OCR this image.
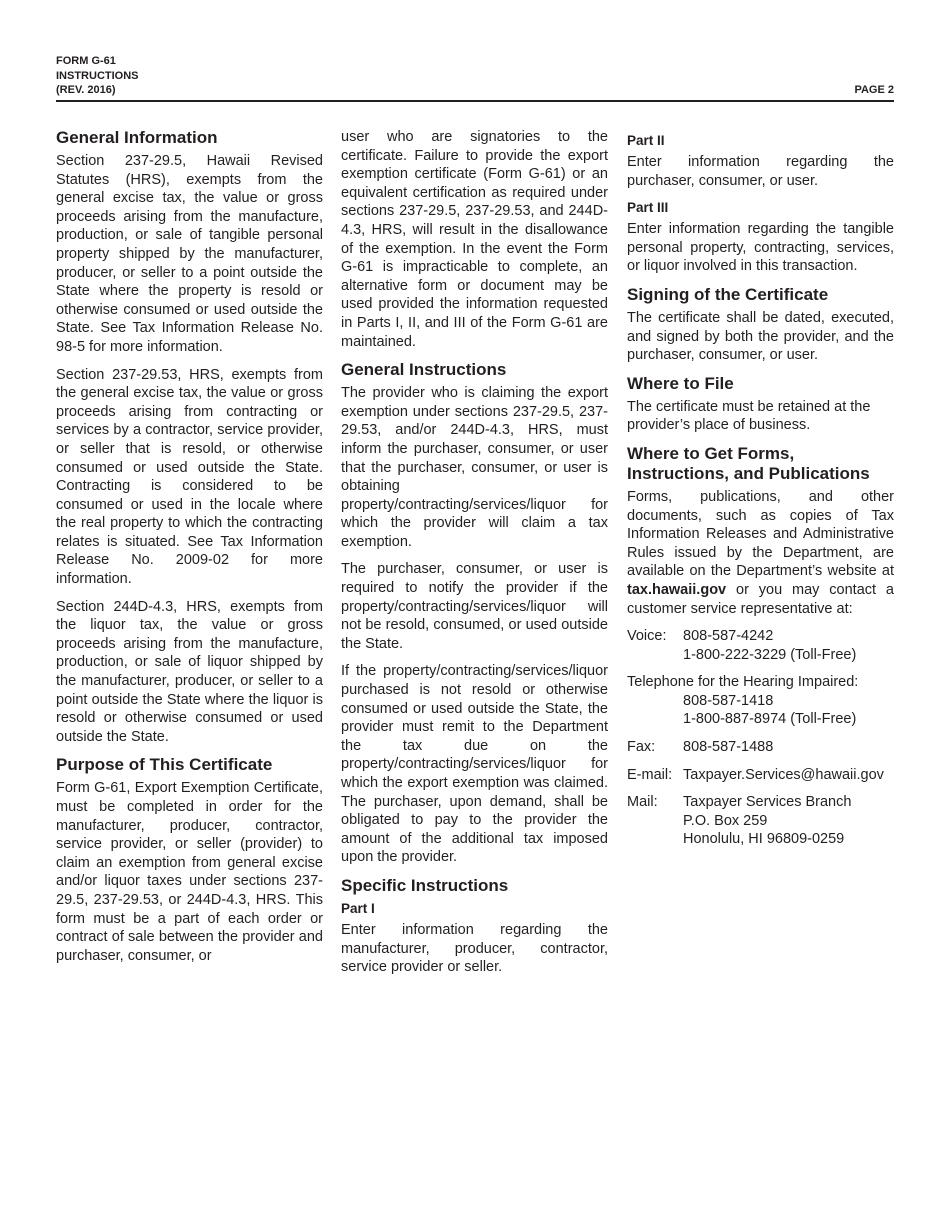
FORM G-61
INSTRUCTIONS
(REV. 2016)	PAGE 2
General Information

Section 237-29.5, Hawaii Revised Statutes (HRS), exempts from the general excise tax, the value or gross proceeds arising from the manufacture, production, or sale of tangible personal property shipped by the manufacturer, producer, or seller to a point outside the State where the property is resold or otherwise consumed or used outside the State. See Tax Information Release No. 98-5 for more information.

Section 237-29.53, HRS, exempts from the general excise tax, the value or gross proceeds arising from contracting or services by a contractor, service provider, or seller that is resold, or otherwise consumed or used outside the State. Contracting is considered to be consumed or used in the locale where the real property to which the contracting relates is situated. See Tax Information Release No. 2009-02 for more information.

Section 244D-4.3, HRS, exempts from the liquor tax, the value or gross proceeds arising from the manufacture, production, or sale of liquor shipped by the manufacturer, producer, or seller to a point outside the State where the liquor is resold or otherwise consumed or used outside the State.

Purpose of This Certificate

Form G-61, Export Exemption Certificate, must be completed in order for the manufacturer, producer, contractor, service provider, or seller (provider) to claim an exemption from general excise and/or liquor taxes under sections 237-29.5, 237-29.53, or 244D-4.3, HRS. This form must be a part of each order or contract of sale between the provider and purchaser, consumer, or

user who are signatories to the certificate. Failure to provide the export exemption certificate (Form G-61) or an equivalent certification as required under sections 237-29.5, 237-29.53, and 244D-4.3, HRS, will result in the disallowance of the exemption. In the event the Form G-61 is impracticable to complete, an alternative form or document may be used provided the information requested in Parts I, II, and III of the Form G-61 are maintained.

General Instructions

The provider who is claiming the export exemption under sections 237-29.5, 237-29.53, and/or 244D-4.3, HRS, must inform the purchaser, consumer, or user that the purchaser, consumer, or user is obtaining property/contracting/services/liquor for which the provider will claim a tax exemption.

The purchaser, consumer, or user is required to notify the provider if the property/contracting/services/liquor will not be resold, consumed, or used outside the State.

If the property/contracting/services/liquor purchased is not resold or otherwise consumed or used outside the State, the provider must remit to the Department the tax due on the property/contracting/services/liquor for which the export exemption was claimed. The purchaser, upon demand, shall be obligated to pay to the provider the amount of the additional tax imposed upon the provider.

Specific Instructions
Part I

Enter information regarding the manufacturer, producer, contractor, service provider or seller.

Part II

Enter information regarding the purchaser, consumer, or user.

Part III

Enter information regarding the tangible personal property, contracting, services, or liquor involved in this transaction.

Signing of the Certificate

The certificate shall be dated, executed, and signed by both the provider, and the purchaser, consumer, or user.

Where to File

The certificate must be retained at the provider’s place of business.

Where to Get Forms, Instructions, and Publications

Forms, publications, and other documents, such as copies of Tax Information Releases and Administrative Rules issued by the Department, are available on the Department’s website at tax.hawaii.gov or you may contact a customer service representative at:

Voice:	808-587-4242
1-800-222-3229 (Toll-Free)
Telephone for the Hearing Impaired:
808-587-1418
1-800-887-8974 (Toll-Free)
Fax:	808-587-1488
E-mail: Taxpayer.Services@hawaii.gov
Mail:	Taxpayer Services Branch
P.O. Box 259
Honolulu, HI 96809-0259
